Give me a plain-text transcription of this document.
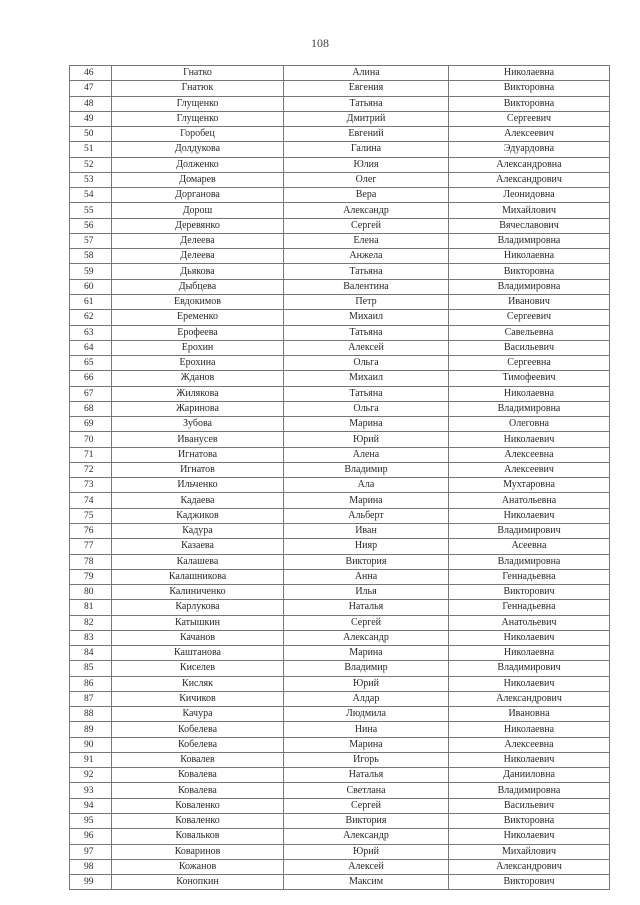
108
46	Гнатко	Алина	Николаевна
47	Гнатюк	Евгения	Викторовна
48	Глущенко	Татьяна	Викторовна
49	Глущенко	Дмитрий	Сергеевич
50	Горобец	Евгений	Алексеевич
51	Долдукова	Галина	Эдуардовна
52	Долженко	Юлия	Александровна
53	Домарев	Олег	Александрович
54	Дорганова	Вера	Леонидовна
55	Дорош	Александр	Михайлович
56	Деревянко	Сергей	Вячеславович
57	Делеева	Елена	Владимировна
58	Делеева	Анжела	Николаевна
59	Дьякова	Татьяна	Викторовна
60	Дыбцева	Валентина	Владимировна
61	Евдокимов	Петр	Иванович
62	Еременко	Михаил	Сергеевич
63	Ерофеева	Татьяна	Савельевна
64	Ерохин	Алексей	Васильевич
65	Ерохина	Ольга	Сергеевна
66	Жданов	Михаил	Тимофеевич
67	Жилякова	Татьяна	Николаевна
68	Жаринова	Ольга	Владимировна
69	Зубова	Марина	Олеговна
70	Иванусев	Юрий	Николаевич
71	Игнатова	Алена	Алексеевна
72	Игнатов	Владимир	Алексеевич
73	Ильченко	Ала	Мухтаровна
74	Кадаева	Марина	Анатольевна
75	Каджиков	Альберт	Николаевич
76	Кадура	Иван	Владимирович
77	Казаева	Нияр	Асеевна
78	Калашева	Виктория	Владимировна
79	Калашникова	Анна	Геннадьевна
80	Калиниченко	Илья	Викторович
81	Карлукова	Наталья	Геннадьевна
82	Катышкин	Сергей	Анатольевич
83	Качанов	Александр	Николаевич
84	Каштанова	Марина	Николаевна
85	Киселев	Владимир	Владимирович
86	Кисляк	Юрий	Николаевич
87	Кичиков	Алдар	Александрович
88	Качура	Людмила	Ивановна
89	Кобелева	Нина	Николаевна
90	Кобелева	Марина	Алексеевна
91	Ковалев	Игорь	Николаевич
92	Ковалева	Наталья	Данииловна
93	Ковалева	Светлана	Владимировна
94	Коваленко	Сергей	Васильевич
95	Коваленко	Виктория	Викторовна
96	Ковальков	Александр	Николаевич
97	Коваринов	Юрий	Михайлович
98	Кожанов	Алексей	Александрович
99	Конопкин	Максим	Викторович
